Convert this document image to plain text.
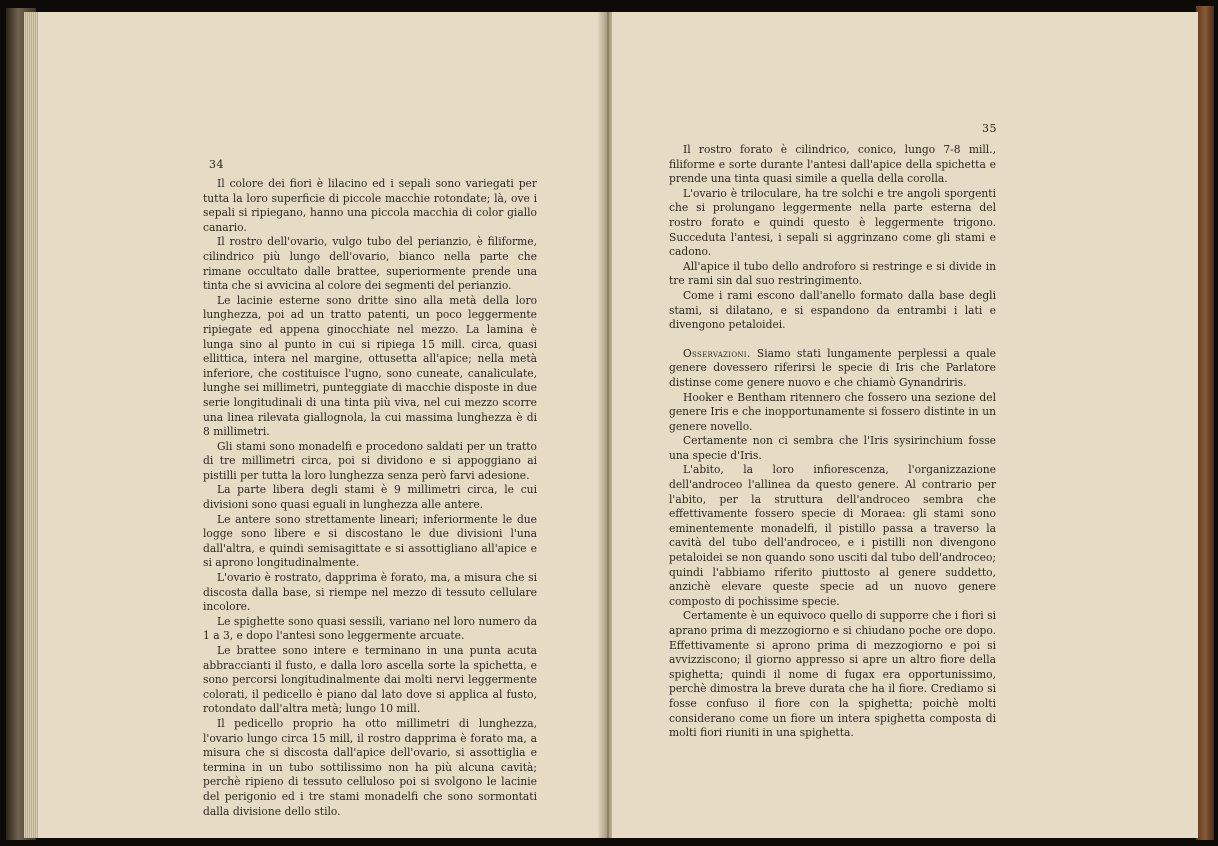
34

Il colore dei fiori è lilacino ed i sepali sono variegati per tutta la loro superficie di piccole macchie rotondate; là, ove i sepali si ripiegano, hanno una piccola macchia di color giallo canario.

Il rostro dell'ovario, vulgo tubo del perianzio, è filiforme, cilindrico più lungo dell'ovario, bianco nella parte che rimane occultato dalle brattee, superiormente prende una tinta che si avvicina al colore dei segmenti del perianzio.

Le lacinie esterne sono dritte sino alla metà della loro lunghezza, poi ad un tratto patenti, un poco leggermente ripiegate ed appena ginocchiate nel mezzo. La lamina è lunga sino al punto in cui si ripiega 15 mill. circa, quasi ellittica, intera nel margine, ottusetta all'apice; nella metà inferiore, che costituisce l'ugno, sono cuneate, canaliculate, lunghe sei millimetri, punteggiate di macchie disposte in due serie longitudinali di una tinta più viva, nel cui mezzo scorre una linea rilevata giallognola, la cui massima lunghezza è di 8 millimetri.

Gli stami sono monadelfi e procedono saldati per un tratto di tre millimetri circa, poi si dividono e si appoggiano ai pistilli per tutta la loro lunghezza senza però farvi adesione.

La parte libera degli stami è 9 millimetri circa, le cui divisioni sono quasi eguali in lunghezza alle antere.

Le antere sono strettamente lineari; inferiormente le due logge sono libere e si discostano le due divisioni l'una dall'altra, e quindi semisagittate e si assottigliano all'apice e si aprono longitudinalmente.

L'ovario è rostrato, dapprima è forato, ma, a misura che si discosta dalla base, si riempe nel mezzo di tessuto cellulare incolore.

Le spighette sono quasi sessili, variano nel loro numero da 1 a 3, e dopo l'antesi sono leggermente arcuate.

Le brattee sono intere e terminano in una punta acuta abbraccianti il fusto, e dalla loro ascella sorte la spichetta, e sono percorsi longitudinalmente dai molti nervi leggermente colorati, il pedicello è piano dal lato dove si applica al fusto, rotondato dall'altra metà; lungo 10 mill.

Il pedicello proprio ha otto millimetri di lunghezza, l'ovario lungo circa 15 mill, il rostro dapprima è forato ma, a misura che si discosta dall'apice dell'ovario, si assottiglia e termina in un tubo sottilissimo non ha più alcuna cavità; perchè ripieno di tessuto celluloso poi si svolgono le lacinie del perigonio ed i tre stami monadelfi che sono sormontati dalla divisione dello stilo.

35

Il rostro forato è cilindrico, conico, lungo 7-8 mill., filiforme e sorte durante l'antesi dall'apice della spichetta e prende una tinta quasi simile a quella della corolla.

L'ovario è triloculare, ha tre solchi e tre angoli sporgenti che si prolungano leggermente nella parte esterna del rostro forato e quindi questo è leggermente trigono. Succeduta l'antesi, i sepali si aggrinzano come gli stami e cadono.

All'apice il tubo dello androforo si restringe e si divide in tre rami sin dal suo restringimento.

Come i rami escono dall'anello formato dalla base degli stami, si dilatano, e si espandono da entrambi i lati e divengono petaloidei.

Osservazioni. Siamo stati lungamente perplessi a quale genere dovessero riferirsi le specie di Iris che Parlatore distinse come genere nuovo e che chiamò Gynandriris.

Hooker e Bentham ritennero che fossero una sezione del genere Iris e che inopportunamente si fossero distinte in un genere novello.

Certamente non ci sembra che l'Iris sysirinchium fosse una specie d'Iris.

L'abito, la loro infiorescenza, l'organizzazione dell'androceo l'allinea da questo genere. Al contrario per l'abito, per la struttura dell'androceo sembra che effettivamente fossero specie di Moraea: gli stami sono eminentemente monadelfi, il pistillo passa a traverso la cavità del tubo dell'androceo, e i pistilli non divengono petaloidei se non quando sono usciti dal tubo dell'androceo; quindi l'abbiamo riferito piuttosto al genere suddetto, anzichè elevare queste specie ad un nuovo genere composto di pochissime specie.

Certamente è un equivoco quello di supporre che i fiori si aprano prima di mezzogiorno e si chiudano poche ore dopo. Effettivamente si aprono prima di mezzogiorno e poi si avvizziscono; il giorno appresso si apre un altro fiore della spighetta; quindi il nome di fugax era opportunissimo, perchè dimostra la breve durata che ha il fiore. Crediamo si fosse confuso il fiore con la spighetta; poichè molti considerano come un fiore un intera spighetta composta di molti fiori riuniti in una spighetta.
